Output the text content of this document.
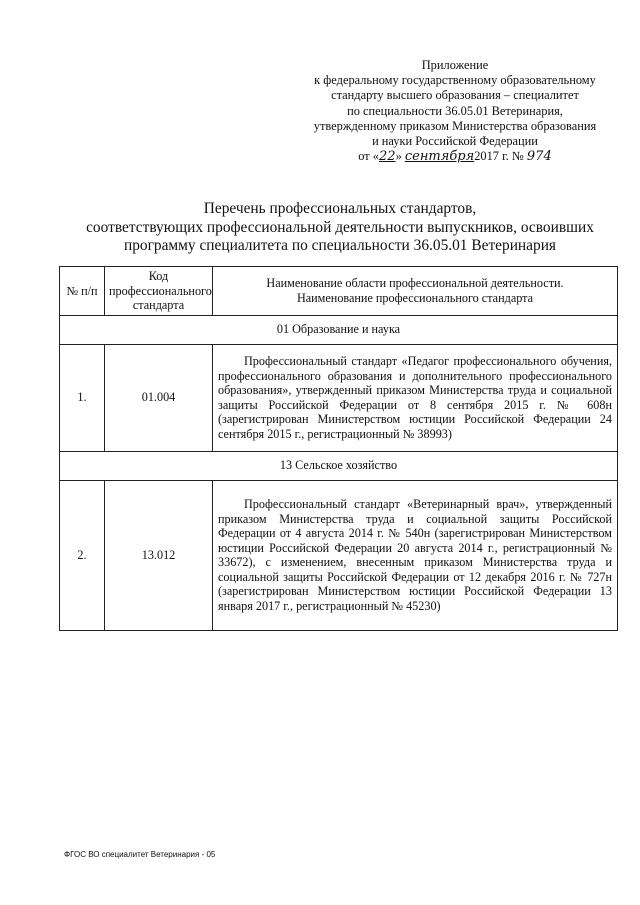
Приложение
к федеральному государственному образовательному
стандарту высшего образования – специалитет
по специальности 36.05.01 Ветеринария,
утвержденному приказом Министерства образования
и науки Российской Федерации
от «22» сентября2017 г. № 974
Перечень профессиональных стандартов,
соответствующих профессиональной деятельности выпускников, освоивших
программу специалитета по специальности 36.05.01 Ветеринария
№ п/п	Код профессионального стандарта	Наименование области профессиональной деятельности.
Наименование профессионального стандарта
01 Образование и наука		
1.	01.004	Профессиональный стандарт «Педагог профессионального обучения, профессионального образования и дополнительного профессионального образования», утвержденный приказом Министерства труда и социальной защиты Российской Федерации от 8 сентября 2015 г. № 608н (зарегистрирован Министерством юстиции Российской Федерации 24 сентября 2015 г., регистрационный № 38993)
13 Сельское хозяйство		
2.	13.012	Профессиональный стандарт «Ветеринарный врач», утвержденный приказом Министерства труда и социальной защиты Российской Федерации от 4 августа 2014 г. № 540н (зарегистрирован Министерством юстиции Российской Федерации 20 августа 2014 г., регистрационный № 33672), с изменением, внесенным приказом Министерства труда и социальной защиты Российской Федерации от 12 декабря 2016 г. № 727н (зарегистрирован Министерством юстиции Российской Федерации 13 января 2017 г., регистрационный № 45230)
ФГОС ВО специалитет Ветеринария - 05
